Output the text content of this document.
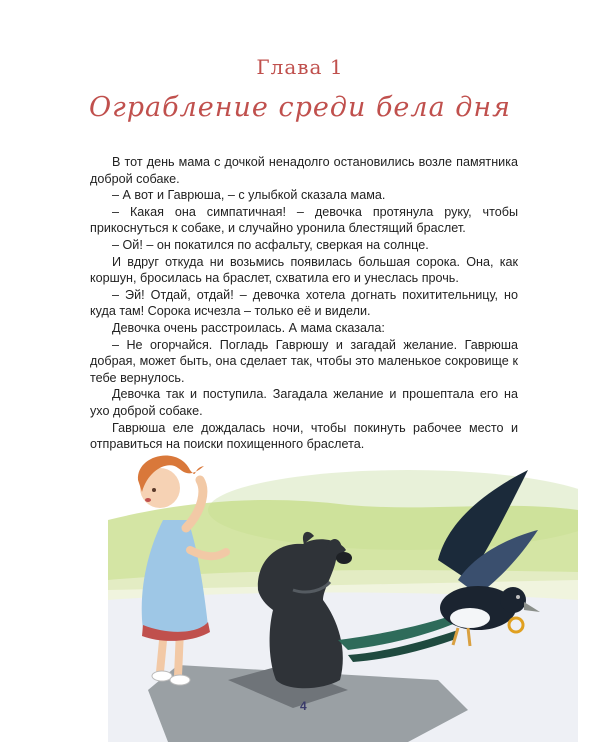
Глава 1
Ограбление среди бела дня

В тот день мама с дочкой ненадолго остановились возле памятника доброй собаке.

– А вот и Гаврюша, – с улыбкой сказала мама.

– Какая она симпатичная! – девочка протянула руку, чтобы прикоснуться к собаке, и случайно уронила блестящий браслет.

– Ой! – он покатился по асфальту, сверкая на солнце.

И вдруг откуда ни возьмись появилась большая сорока. Она, как коршун, бросилась на браслет, схватила его и унеслась прочь.

– Эй! Отдай, отдай! – девочка хотела догнать похитительницу, но куда там! Сорока исчезла – только её и видели.

Девочка очень расстроилась. А мама сказала:

– Не огорчайся. Погладь Гаврюшу и загадай желание. Гаврюша добрая, может быть, она сделает так, чтобы это маленькое сокровище к тебе вернулось.

Девочка так и поступила. Загадала желание и прошептала его на ухо доброй собаке.

Гаврюша еле дождалась ночи, чтобы покинуть рабочее место и отправиться на поиски похищенного браслета.

4
